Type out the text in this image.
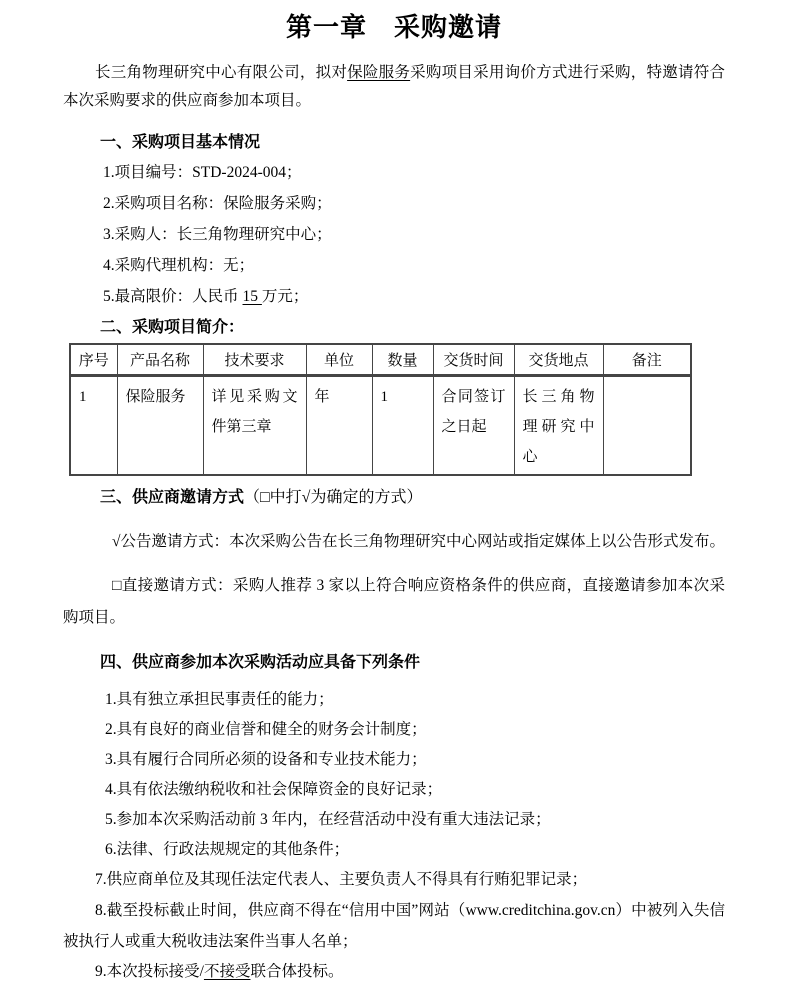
第一章　采购邀请

长三角物理研究中心有限公司，拟对保险服务采购项目采用询价方式进行采购，特邀请符合本次采购要求的供应商参加本项目。

一、采购项目基本情况
1.项目编号：STD-2024-004；
2.采购项目名称：保险服务采购；
3.采购人：长三角物理研究中心；
4.采购代理机构：无；
5.最高限价：人民币 15 万元；
二、采购项目简介：
序号	产品名称	技术要求	单位	数量	交货时间	交货地点	备注
1	保险服务	详见采购文件第三章	年	1	合同签订之日起	长三角物理研究中心	
三、供应商邀请方式（□中打√为确定的方式）

√公告邀请方式：本次采购公告在长三角物理研究中心网站或指定媒体上以公告形式发布。

□直接邀请方式：采购人推荐 3 家以上符合响应资格条件的供应商，直接邀请参加本次采购项目。

四、供应商参加本次采购活动应具备下列条件
1.具有独立承担民事责任的能力；
2.具有良好的商业信誉和健全的财务会计制度；
3.具有履行合同所必须的设备和专业技术能力；
4.具有依法缴纳税收和社会保障资金的良好记录；
5.参加本次采购活动前 3 年内，在经营活动中没有重大违法记录；
6.法律、行政法规规定的其他条件；

7.供应商单位及其现任法定代表人、主要负责人不得具有行贿犯罪记录；

8.截至投标截止时间，供应商不得在“信用中国”网站（www.creditchina.gov.cn）中被列入失信被执行人或重大税收违法案件当事人名单；

9.本次投标接受/不接受联合体投标。
